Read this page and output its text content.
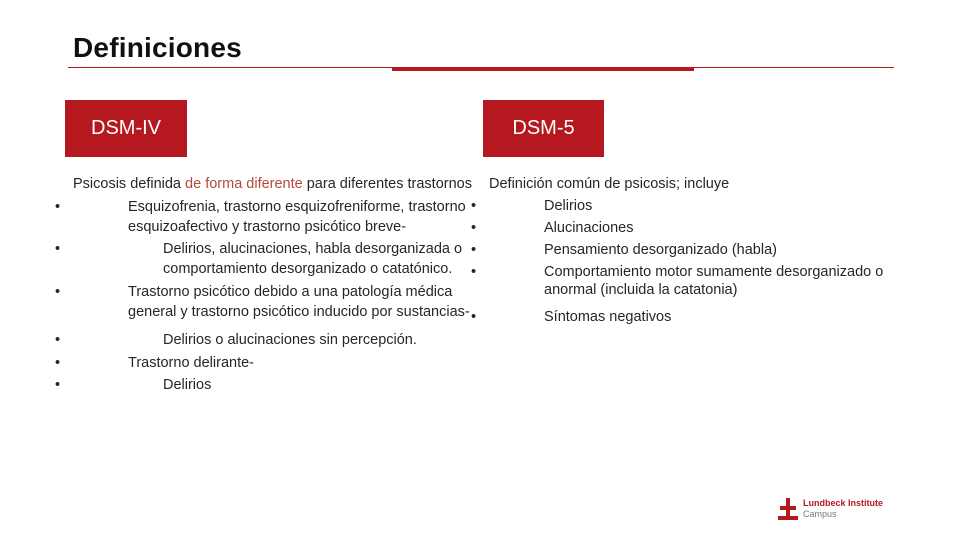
Definiciones
DSM-IV	DSM-5
Psicosis definida de forma diferente para diferentes trastornos
• Esquizofrenia, trastorno esquizofreniforme, trastorno esquizoafectivo y trastorno psicótico breve-
• Delirios, alucinaciones, habla desorganizada o comportamiento desorganizado o catatónico.
• Trastorno psicótico debido a una patología médica general y trastorno psicótico inducido por sustancias-
• Delirios o alucinaciones sin percepción.
• Trastorno delirante-
• Delirios
Definición común de psicosis; incluye
• Delirios
• Alucinaciones
• Pensamiento desorganizado (habla)
• Comportamiento motor sumamente desorganizado o anormal (incluida la catatonia)
• Síntomas negativos
Lundbeck Institute
Campus
